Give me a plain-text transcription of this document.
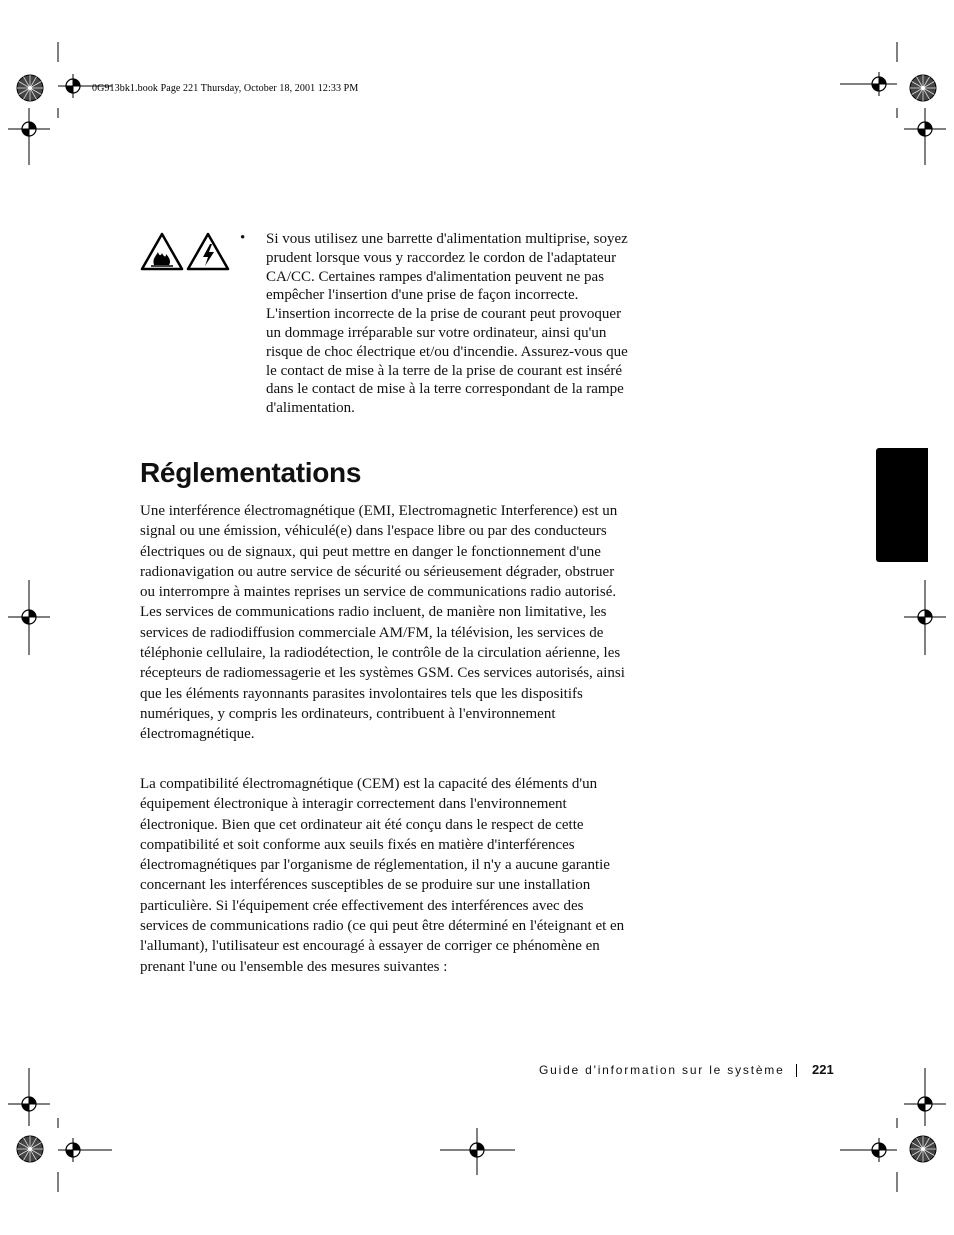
0G913bk1.book Page 221 Thursday, October 18, 2001 12:33 PM
• Si vous utilisez une barrette d'alimentation multiprise, soyez prudent lorsque vous y raccordez le cordon de l'adaptateur CA/CC. Certaines rampes d'alimentation peuvent ne pas empêcher l'insertion d'une prise de façon incorrecte. L'insertion incorrecte de la prise de courant peut provoquer un dommage irréparable sur votre ordinateur, ainsi qu'un risque de choc électrique et/ou d'incendie. Assurez-vous que le contact de mise à la terre de la prise de courant est inséré dans le contact de mise à la terre correspondant de la rampe d'alimentation.
Réglementations

Une interférence électromagnétique (EMI, Electromagnetic Interference) est un signal ou une émission, véhiculé(e) dans l'espace libre ou par des conducteurs électriques ou de signaux, qui peut mettre en danger le fonctionnement d'une radionavigation ou autre service de sécurité ou sérieusement dégrader, obstruer ou interrompre à maintes reprises un service de communications radio autorisé. Les services de communications radio incluent, de manière non limitative, les services de radiodiffusion commerciale AM/FM, la télévision, les services de téléphonie cellulaire, la radiodétection, le contrôle de la circulation aérienne, les récepteurs de radiomessagerie et les systèmes GSM. Ces services autorisés, ainsi que les éléments rayonnants parasites involontaires tels que les dispositifs numériques, y compris les ordinateurs, contribuent à l'environnement électromagnétique.

La compatibilité électromagnétique (CEM) est la capacité des éléments d'un équipement électronique à interagir correctement dans l'environnement électronique. Bien que cet ordinateur ait été conçu dans le respect de cette compatibilité et soit conforme aux seuils fixés en matière d'interférences électromagnétiques par l'organisme de réglementation, il n'y a aucune garantie concernant les interférences susceptibles de se produire sur une installation particulière. Si l'équipement crée effectivement des interférences avec des services de communications radio (ce qui peut être déterminé en l'éteignant et en l'allumant), l'utilisateur est encouragé à essayer de corriger ce phénomène en prenant l'une ou l'ensemble des mesures suivantes :

Guide d'information sur le système 221
